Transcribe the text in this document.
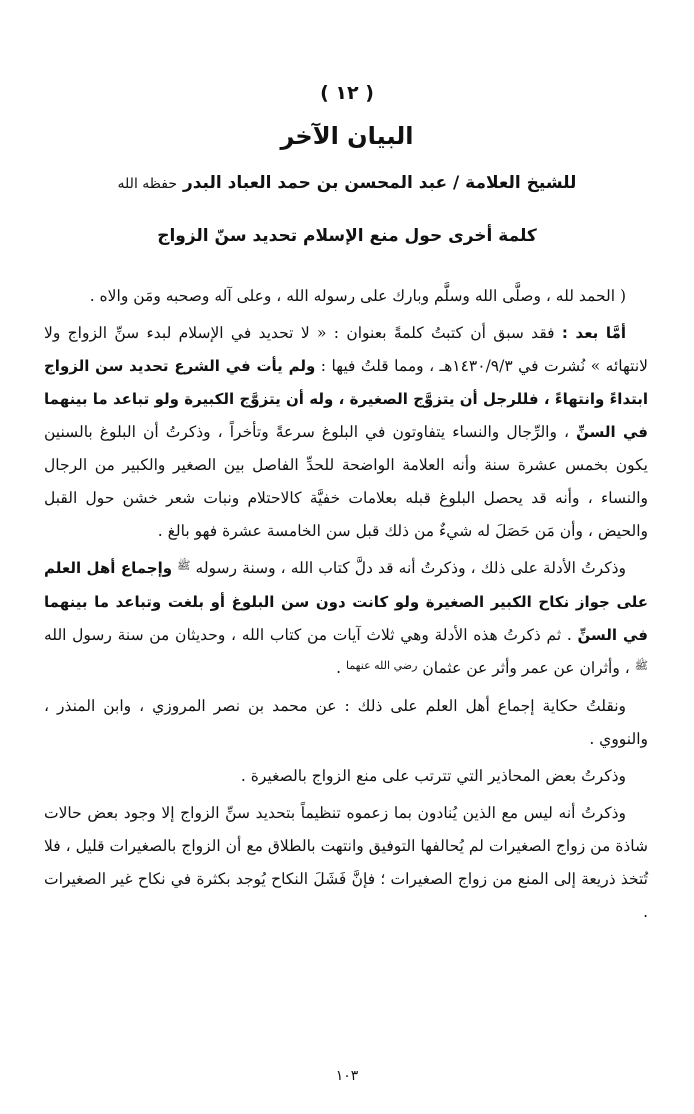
( ١٢ )
البيان الآخر
للشيخ العلامة / عبد المحسن بن حمد العباد البدر حفظه الله
كلمة أخرى حول منع الإسلام تحديد سنّ الزواج

( الحمد لله ، وصلَّى الله وسلَّم وبارك على رسوله الله ، وعلى آله وصحبه ومَن والاه .

أمَّا بعد : فقد سبق أن كتبتُ كلمةً بعنوان : « لا تحديد في الإسلام لبدء سنِّ الزواج ولا لانتهائه » نُشرت في ١٤٣٠/٩/٣هـ ، ومما قلتُ فيها : ولم يأت في الشرع تحديد سن الزواج ابتداءً وانتهاءً ، فللرجل أن يتزوَّج الصغيرة ، وله أن يتزوَّج الكبيرة ولو تباعد ما بينهما في السنِّ ، والرِّجال والنساء يتفاوتون في البلوغ سرعةً وتأخراً ، وذكرتُ أن البلوغ بالسنين يكون بخمس عشرة سنة وأنه العلامة الواضحة للحدِّ الفاصل بين الصغير والكبير من الرجال والنساء ، وأنه قد يحصل البلوغ قبله بعلامات خفيَّة كالاحتلام ونبات شعر خشن حول القبل والحيض ، وأن مَن حَصَلَ له شيءٌ من ذلك قبل سن الخامسة عشرة فهو بالغ .

وذكرتُ الأدلة على ذلك ، وذكرتُ أنه قد دلَّ كتاب الله ، وسنة رسوله $^ﷺ$ وإجماع أهل العلم على جواز نكاح الكبير الصغيرة ولو كانت دون سن البلوغ أو بلغت وتباعد ما بينهما في السنِّ . ثم ذكرتُ هذه الأدلة وهي ثلاث آيات من كتاب الله ، وحديثان من سنة رسول الله $^ﷺ$ ، وأثران عن عمر وأثر عن عثمان $^{رضي الله عنهما}$ .

ونقلتُ حكاية إجماع أهل العلم على ذلك : عن محمد بن نصر المروزي ، وابن المنذر ، والنووي .

وذكرتُ بعض المحاذير التي تترتب على منع الزواج بالصغيرة .

وذكرتُ أنه ليس مع الذين يُنادون بما زعموه تنظيماً بتحديد سنِّ الزواج إلا وجود بعض حالات شاذة من زواج الصغيرات لم يُحالفها التوفيق وانتهت بالطلاق مع أن الزواج بالصغيرات قليل ، فلا تُتخذ ذريعة إلى المنع من زواج الصغيرات ؛ فإنَّ فَشَلَ النكاح يُوجد بكثرة في نكاح غير الصغيرات .

١٠٣
